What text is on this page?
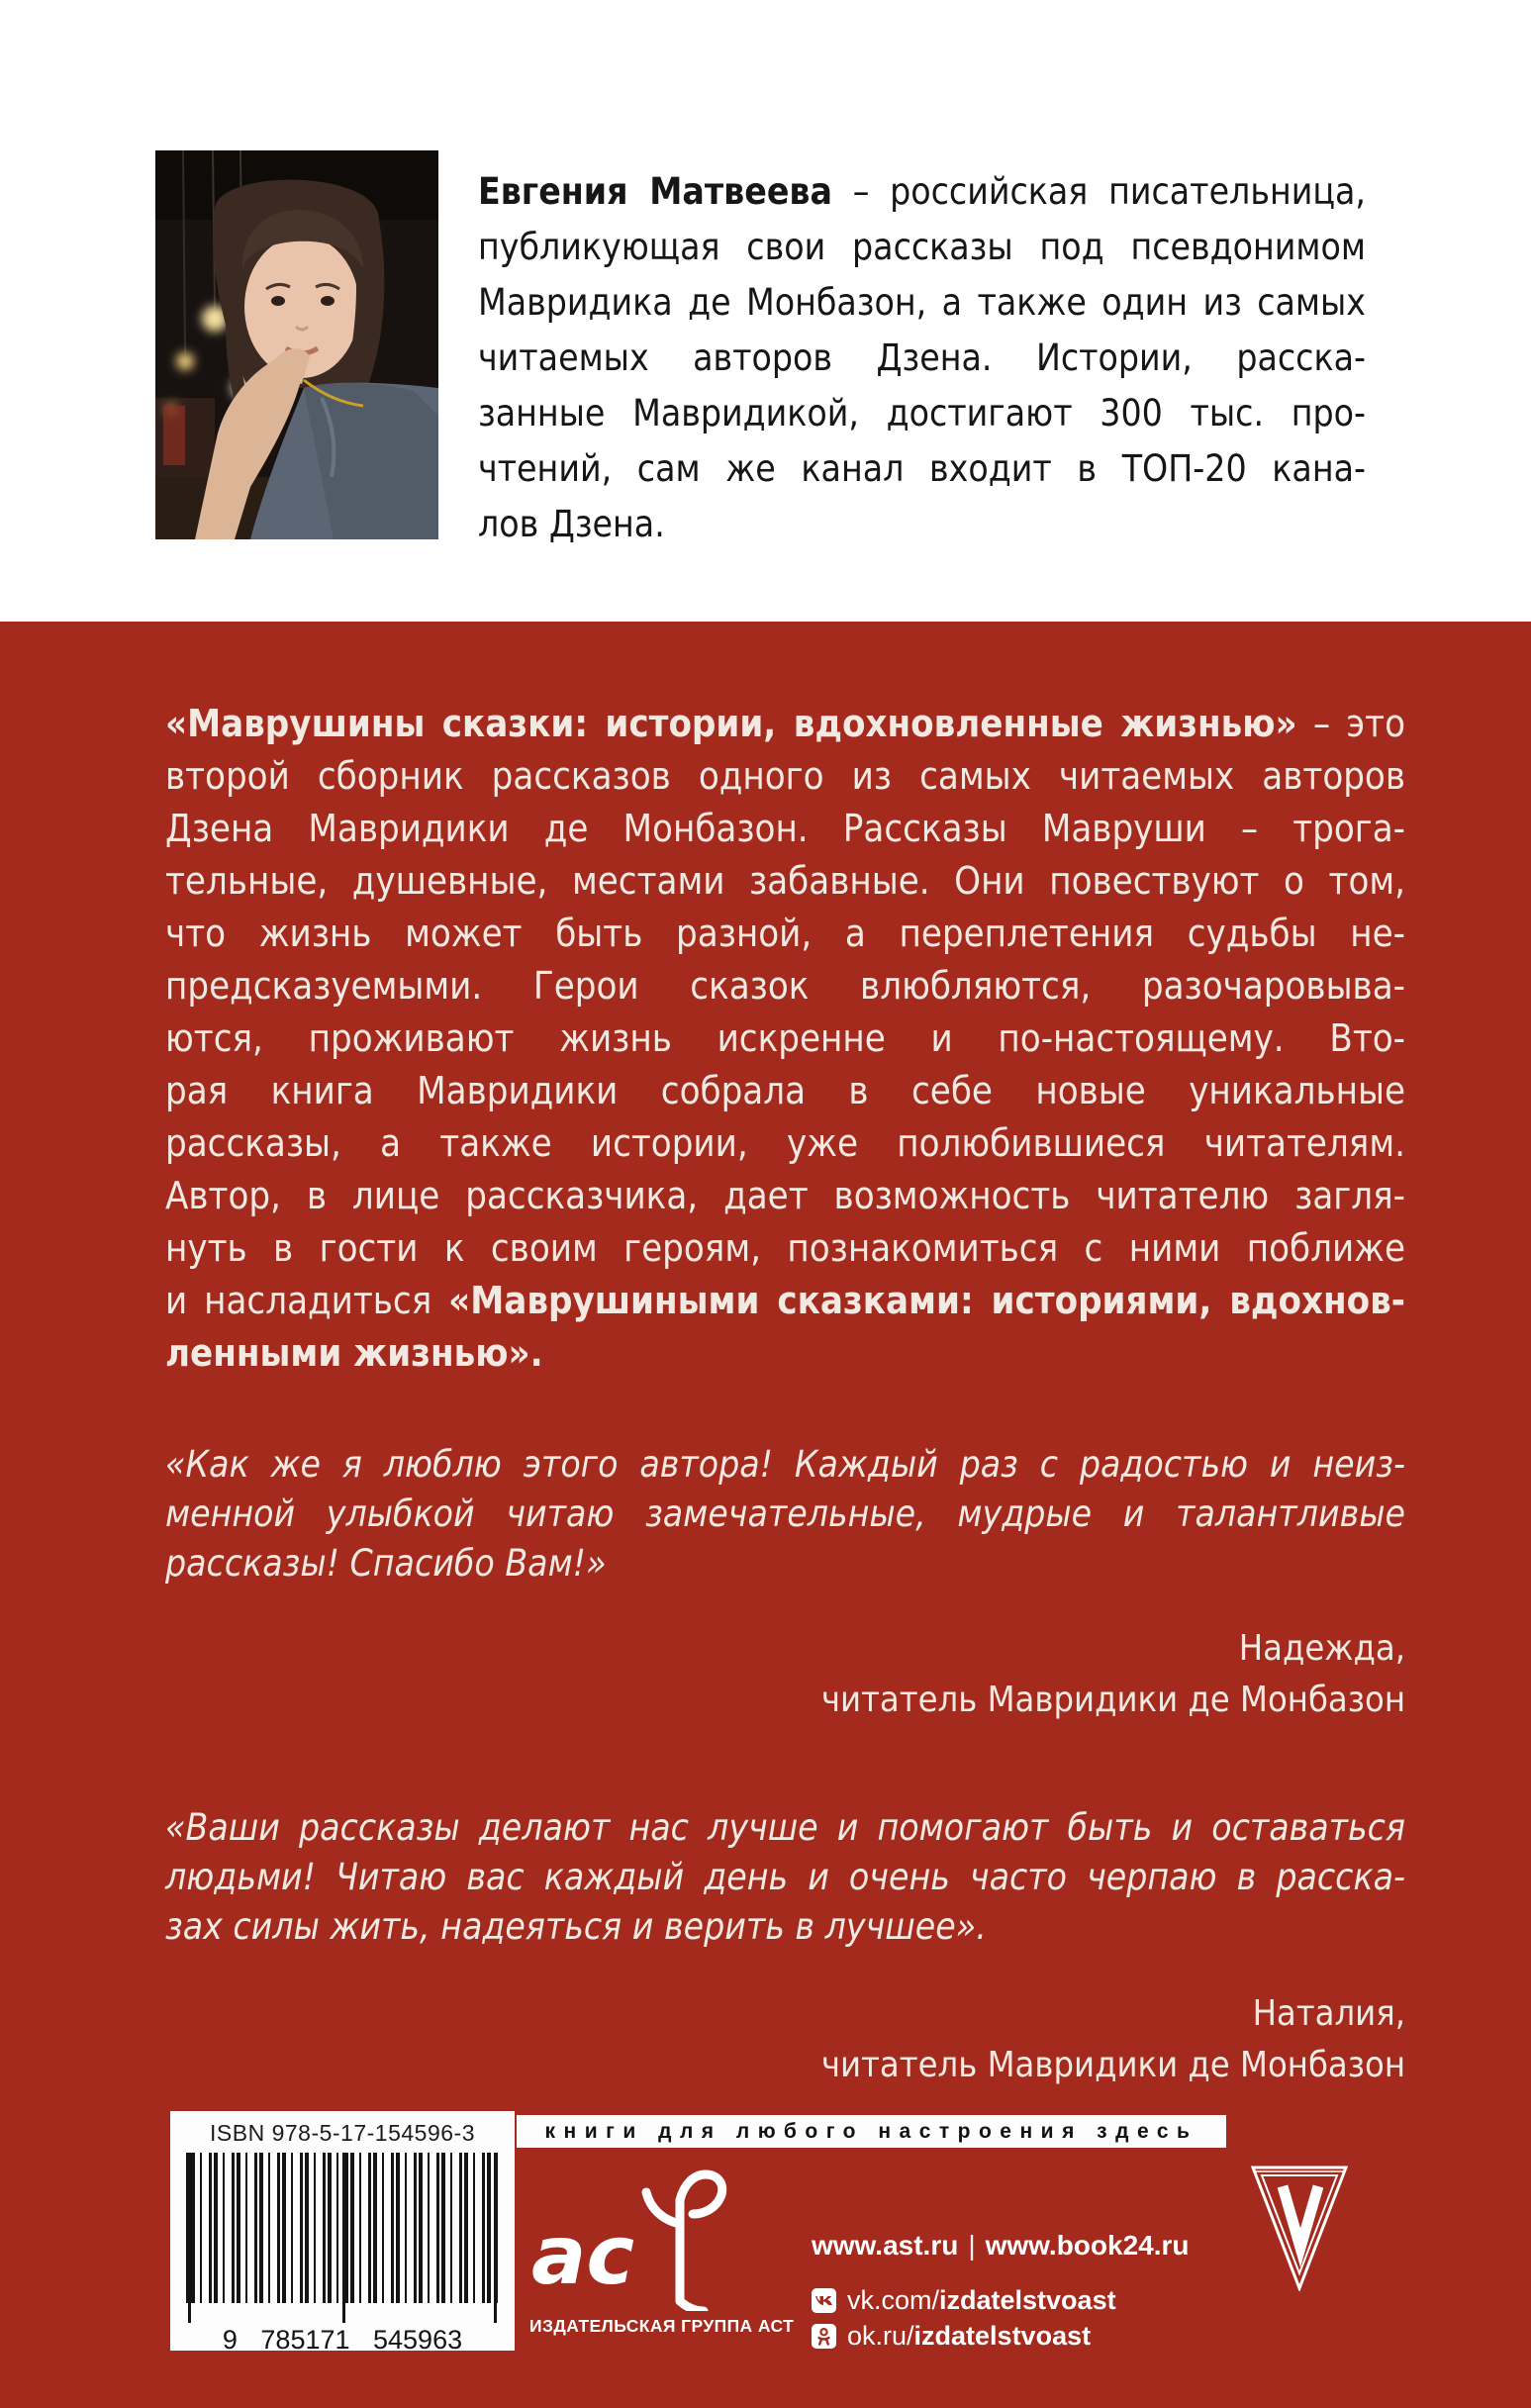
Евгения Матвеева – российская писательница,
публикующая свои рассказы под псевдонимом
Мавридика де Монбазон, а также один из самых
читаемых авторов Дзена. Истории, расска-
занные Мавридикой, достигают 300 тыс. про-
чтений, сам же канал входит в ТОП-20 кана-
лов Дзена.
«Маврушины сказки: истории, вдохновленные жизнью» – это
второй сборник рассказов одного из самых читаемых авторов
Дзена Мавридики де Монбазон. Рассказы Мавруши – трога-
тельные, душевные, местами забавные. Они повествуют о том,
что жизнь может быть разной, а переплетения судьбы не-
предсказуемыми. Герои сказок влюбляются, разочаровыва-
ются, проживают жизнь искренне и по-настоящему. Вто-
рая книга Мавридики собрала в себе новые уникальные
рассказы, а также истории, уже полюбившиеся читателям.
Автор, в лице рассказчика, дает возможность читателю загля-
нуть в гости к своим героям, познакомиться с ними поближе
и насладиться «Маврушиными сказками: историями, вдохнов-
ленными жизнью».
«Как же я люблю этого автора! Каждый раз с радостью и неиз-
менной улыбкой читаю замечательные, мудрые и талантливые
рассказы! Спасибо Вам!»
Надежда,
читатель Мавридики де Монбазон
«Ваши рассказы делают нас лучше и помогают быть и оставаться
людьми! Читаю вас каждый день и очень часто черпаю в расска-
зах силы жить, надеяться и верить в лучшее».
Наталия,
читатель Мавридики де Монбазон
ISBN 978-5-17-154596-3
9 785171 545963
книги для любого настроения здесь
ас
ИЗДАТЕЛЬСКАЯ ГРУППА АСТ
www.ast.ru | www.book24.ru
vk.com/izdatelstvoast
ok.ru/izdatelstvoast
